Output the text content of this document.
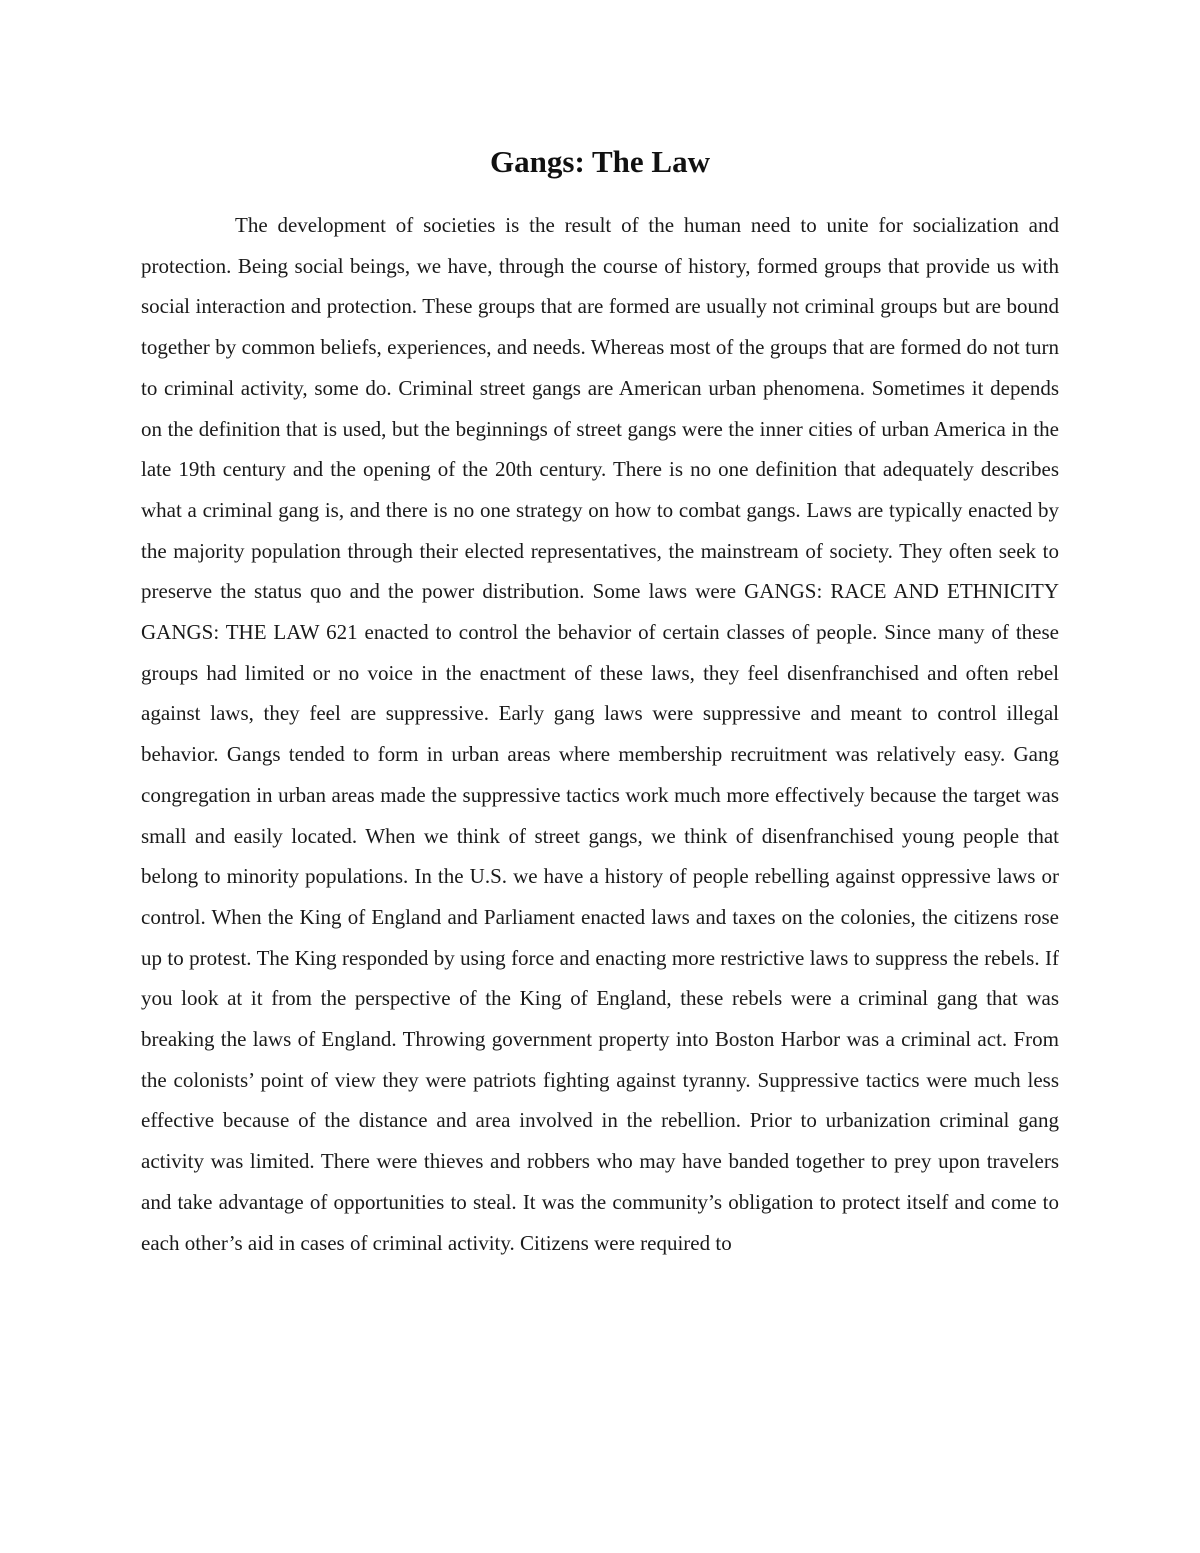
Gangs: The Law

The development of societies is the result of the human need to unite for socialization and protection. Being social beings, we have, through the course of history, formed groups that provide us with social interaction and protection. These groups that are formed are usually not criminal groups but are bound together by common beliefs, experiences, and needs. Whereas most of the groups that are formed do not turn to criminal activity, some do. Criminal street gangs are American urban phenomena. Sometimes it depends on the definition that is used, but the beginnings of street gangs were the inner cities of urban America in the late 19th century and the opening of the 20th century. There is no one definition that adequately describes what a criminal gang is, and there is no one strategy on how to combat gangs. Laws are typically enacted by the majority population through their elected representatives, the mainstream of society. They often seek to preserve the status quo and the power distribution. Some laws were GANGS: RACE AND ETHNICITY GANGS: THE LAW 621 enacted to control the behavior of certain classes of people. Since many of these groups had limited or no voice in the enactment of these laws, they feel disenfranchised and often rebel against laws, they feel are suppressive. Early gang laws were suppressive and meant to control illegal behavior. Gangs tended to form in urban areas where membership recruitment was relatively easy. Gang congregation in urban areas made the suppressive tactics work much more effectively because the target was small and easily located. When we think of street gangs, we think of disenfranchised young people that belong to minority populations. In the U.S. we have a history of people rebelling against oppressive laws or control. When the King of England and Parliament enacted laws and taxes on the colonies, the citizens rose up to protest. The King responded by using force and enacting more restrictive laws to suppress the rebels. If you look at it from the perspective of the King of England, these rebels were a criminal gang that was breaking the laws of England. Throwing government property into Boston Harbor was a criminal act. From the colonists’ point of view they were patriots fighting against tyranny. Suppressive tactics were much less effective because of the distance and area involved in the rebellion. Prior to urbanization criminal gang activity was limited. There were thieves and robbers who may have banded together to prey upon travelers and take advantage of opportunities to steal. It was the community’s obligation to protect itself and come to each other’s aid in cases of criminal activity. Citizens were required to
